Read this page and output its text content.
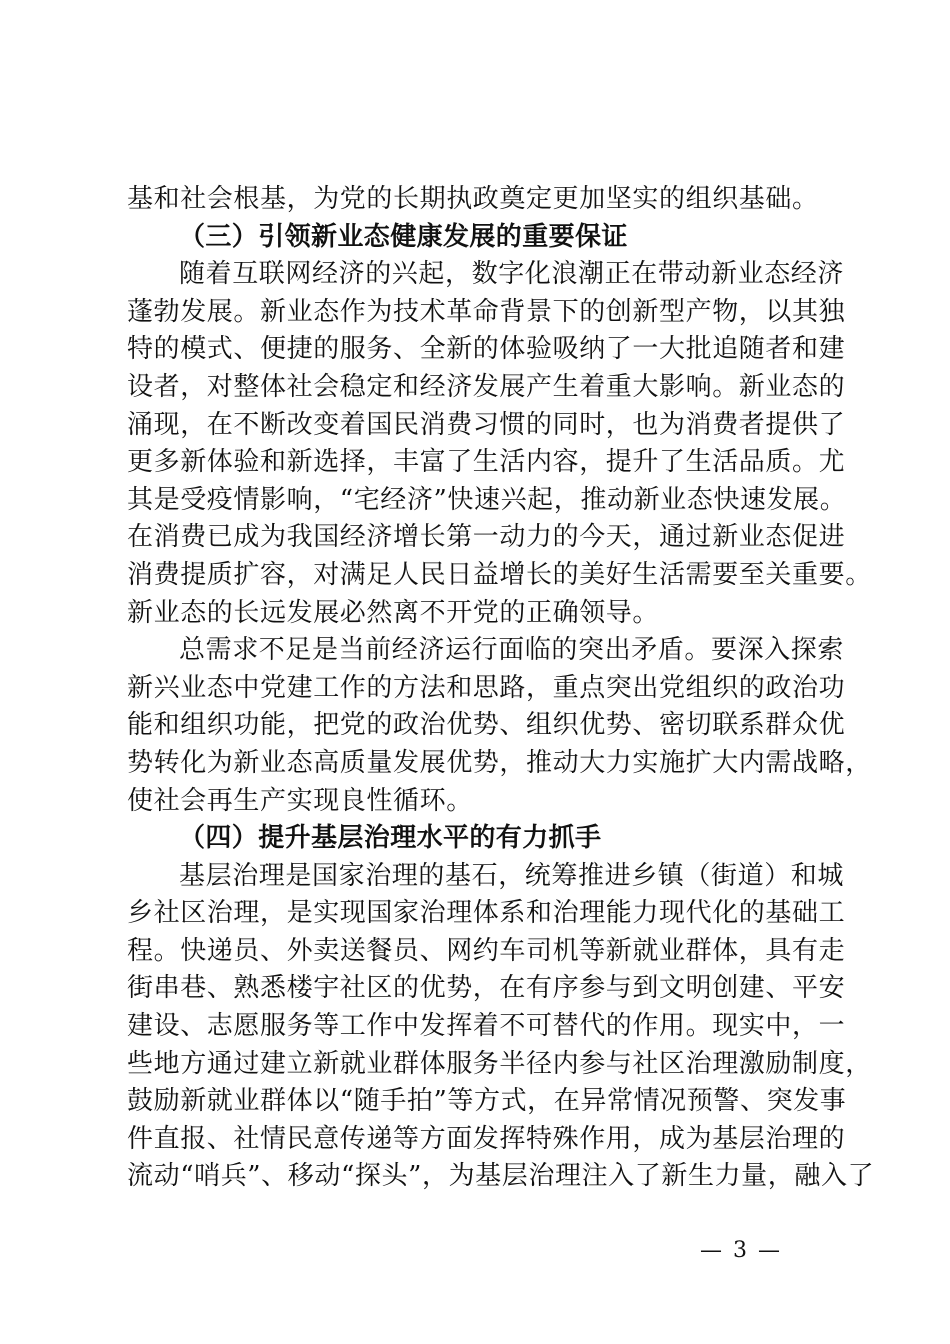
基和社会根基，为党的长期执政奠定更加坚实的组织基础。
（三）引领新业态健康发展的重要保证
随着互联网经济的兴起，数字化浪潮正在带动新业态经济
蓬勃发展。新业态作为技术革命背景下的创新型产物，以其独
特的模式、便捷的服务、全新的体验吸纳了一大批追随者和建
设者，对整体社会稳定和经济发展产生着重大影响。新业态的
涌现，在不断改变着国民消费习惯的同时，也为消费者提供了
更多新体验和新选择，丰富了生活内容，提升了生活品质。尤
其是受疫情影响，“宅经济”快速兴起，推动新业态快速发展。
在消费已成为我国经济增长第一动力的今天，通过新业态促进
消费提质扩容，对满足人民日益增长的美好生活需要至关重要。
新业态的长远发展必然离不开党的正确领导。
总需求不足是当前经济运行面临的突出矛盾。要深入探索
新兴业态中党建工作的方法和思路，重点突出党组织的政治功
能和组织功能，把党的政治优势、组织优势、密切联系群众优
势转化为新业态高质量发展优势，推动大力实施扩大内需战略，
使社会再生产实现良性循环。
（四）提升基层治理水平的有力抓手
基层治理是国家治理的基石，统筹推进乡镇（街道）和城
乡社区治理，是实现国家治理体系和治理能力现代化的基础工
程。快递员、外卖送餐员、网约车司机等新就业群体，具有走
街串巷、熟悉楼宇社区的优势，在有序参与到文明创建、平安
建设、志愿服务等工作中发挥着不可替代的作用。现实中，一
些地方通过建立新就业群体服务半径内参与社区治理激励制度，
鼓励新就业群体以“随手拍”等方式，在异常情况预警、突发事
件直报、社情民意传递等方面发挥特殊作用，成为基层治理的
流动“哨兵”、移动“探头”，为基层治理注入了新生力量，融入了
— 3 —
